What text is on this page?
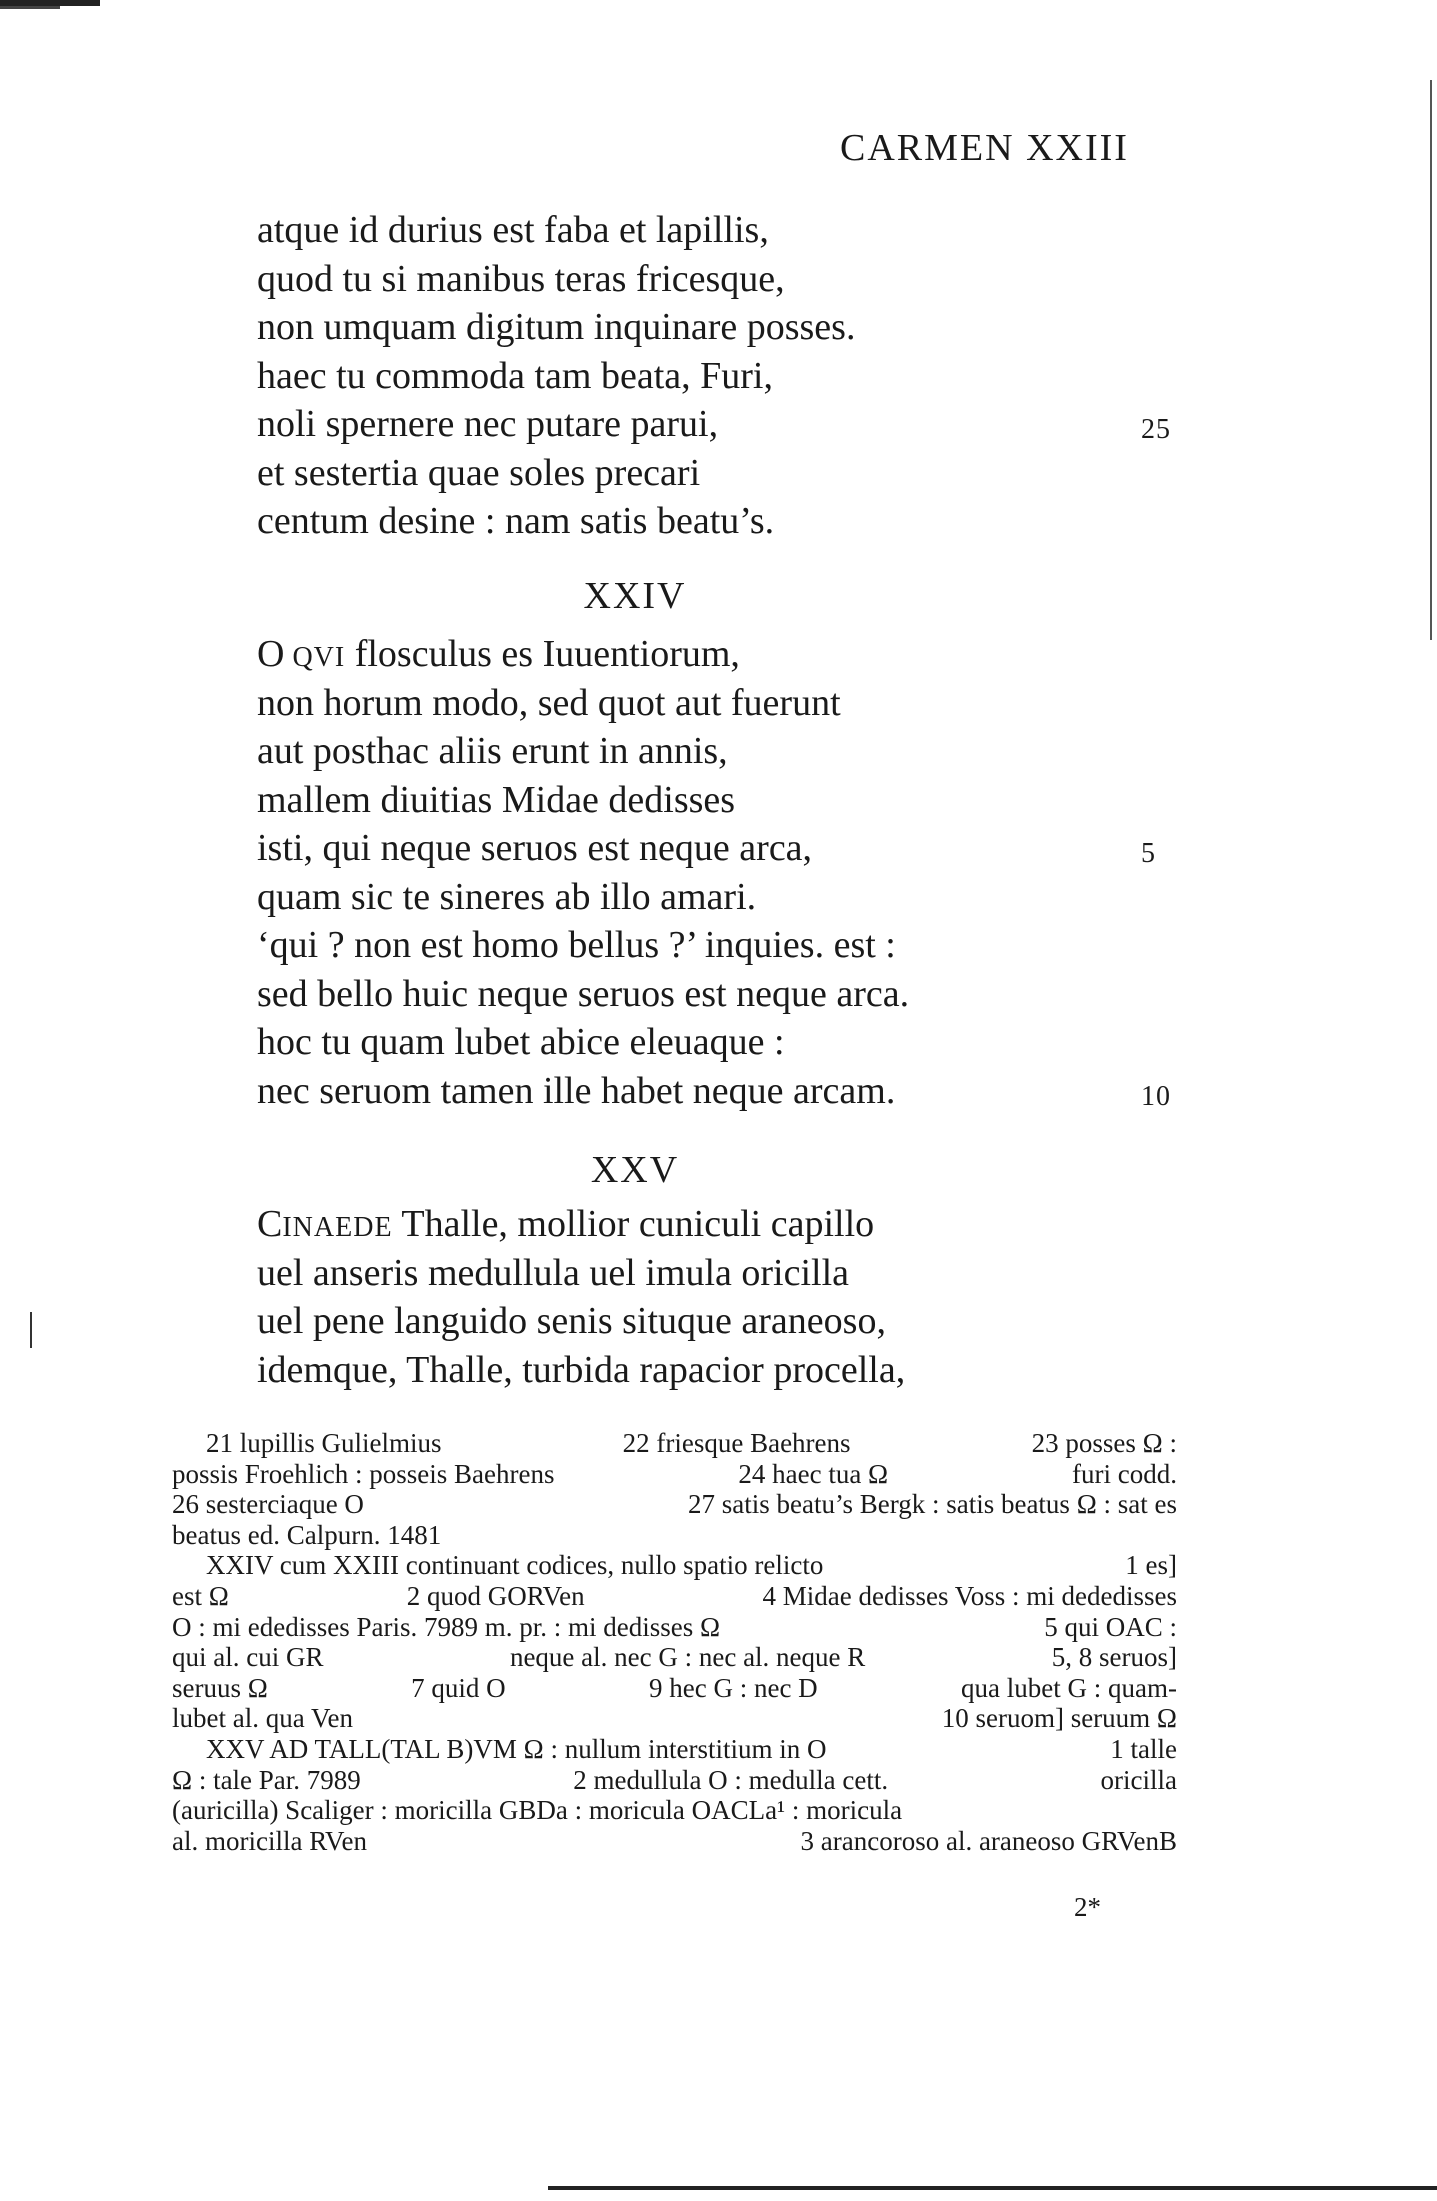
CARMEN XXIII
atque id durius est faba et lapillis,
quod tu si manibus teras fricesque,
non umquam digitum inquinare posses.
haec tu commoda tam beata, Furi,
noli spernere nec putare parui,	25
et sestertia quae soles precari
centum desine : nam satis beatu’s.
XXIV
O QVI flosculus es Iuuentiorum,
non horum modo, sed quot aut fuerunt
aut posthac aliis erunt in annis,
mallem diuitias Midae dedisses
isti, qui neque seruos est neque arca,	5
quam sic te sineres ab illo amari.
‘qui ? non est homo bellus ?’ inquies. est :
sed bello huic neque seruos est neque arca.
hoc tu quam lubet abice eleuaque :
nec seruom tamen ille habet neque arcam.	10
XXV
CINAEDE Thalle, mollior cuniculi capillo
uel anseris medullula uel imula oricilla
uel pene languido senis situque araneoso,
idemque, Thalle, turbida rapacior procella,
21 lupillis Gulielmius	22 friesque Baehrens	23 posses Ω :
possis Froehlich : posseis Baehrens	24 haec tua Ω	furi codd.
26 sesterciaque O	27 satis beatu’s Bergk : satis beatus Ω : sat es
beatus ed. Calpurn. 1481
XXIV cum XXIII continuant codices, nullo spatio relicto	1 es]
est Ω	2 quod GORVen	4 Midae dedisses Voss : mi dededisses
O : mi ededisses Paris. 7989 m. pr. : mi dedisses Ω	5 qui OAC :
qui al. cui GR	neque al. nec G : nec al. neque R	5, 8 seruos]
seruus Ω	7 quid O	9 hec G : nec D	qua lubet G : quam-
lubet al. qua Ven	10 seruom] seruum Ω
XXV AD TALL(TAL B)VM Ω : nullum interstitium in O	1 talle
Ω : tale Par. 7989	2 medullula O : medulla cett.	oricilla
(auricilla) Scaliger : moricilla GBDa : moricula OACLa¹ : moricula
al. moricilla RVen	3 arancoroso al. araneoso GRVenB
2*
